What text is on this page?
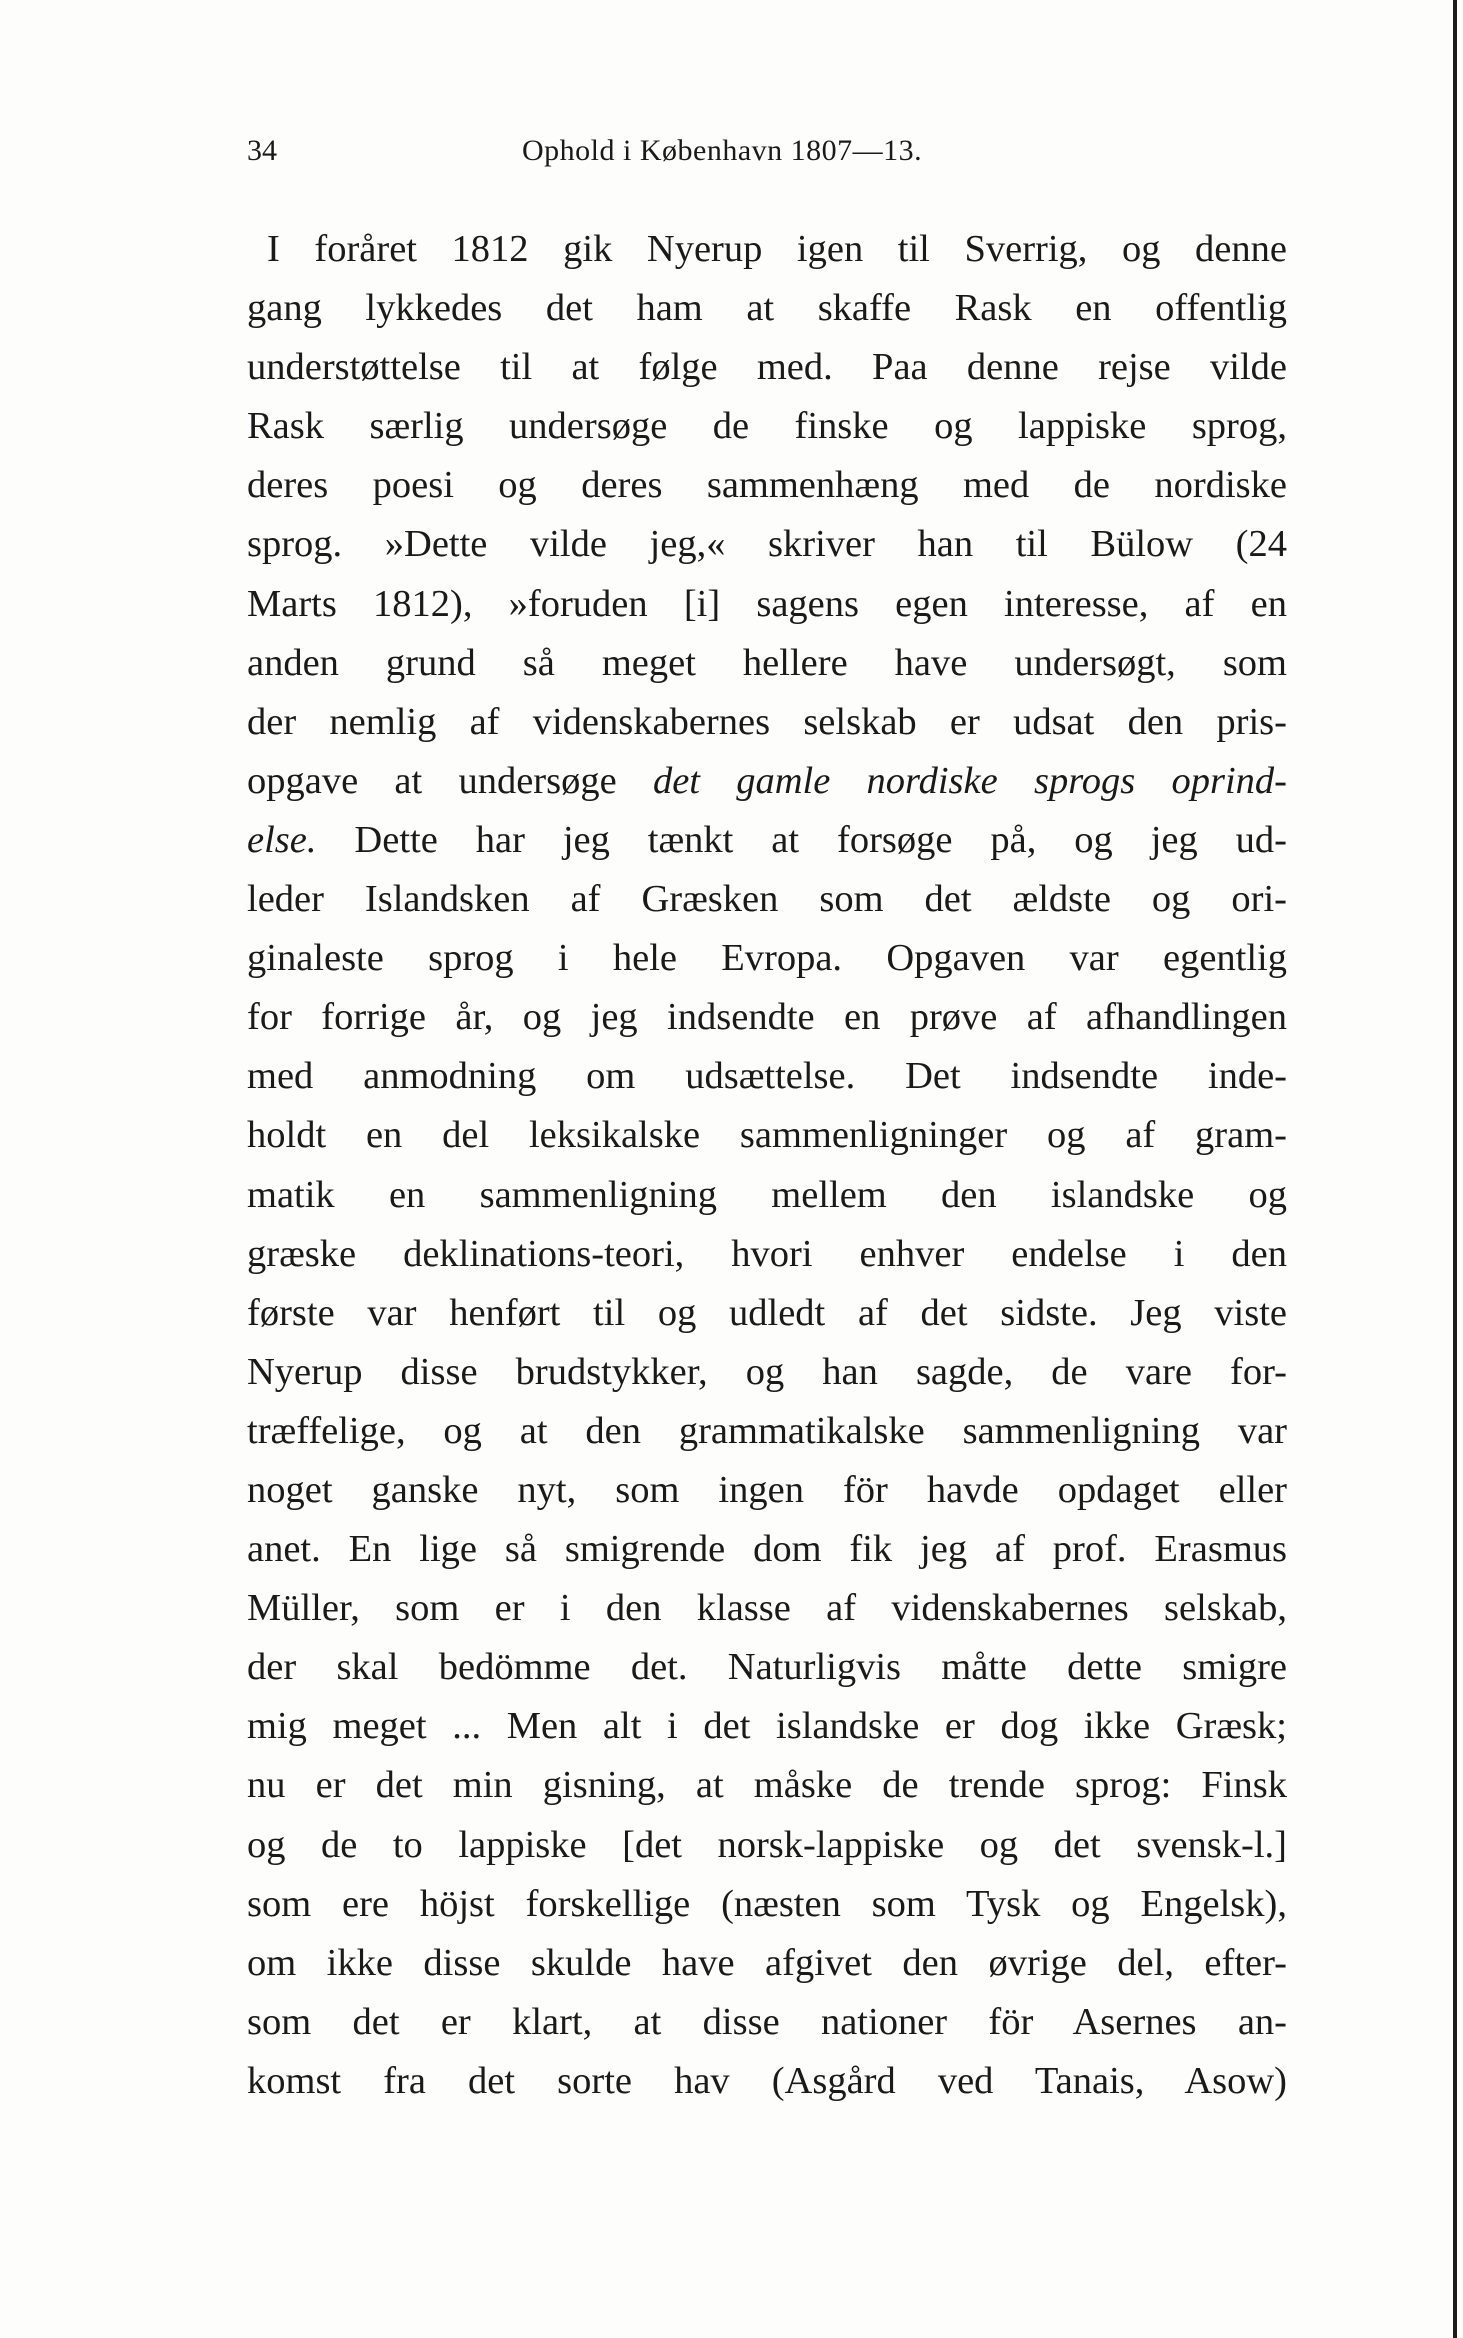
34	Ophold i København 1807—13.
I foråret 1812 gik Nyerup igen til Sverrig, og denne
gang lykkedes det ham at skaffe Rask en offentlig
understøttelse til at følge med. Paa denne rejse vilde
Rask særlig undersøge de finske og lappiske sprog,
deres poesi og deres sammenhæng med de nordiske
sprog. »Dette vilde jeg,« skriver han til Bülow (24
Marts 1812), »foruden [i] sagens egen interesse, af en
anden grund så meget hellere have undersøgt, som
der nemlig af videnskabernes selskab er udsat den pris-
opgave at undersøge det gamle nordiske sprogs oprind-
else. Dette har jeg tænkt at forsøge på, og jeg ud-
leder Islandsken af Græsken som det ældste og ori-
ginaleste sprog i hele Evropa. Opgaven var egentlig
for forrige år, og jeg indsendte en prøve af afhandlingen
med anmodning om udsættelse. Det indsendte inde-
holdt en del leksikalske sammenligninger og af gram-
matik en sammenligning mellem den islandske og
græske deklinations-teori, hvori enhver endelse i den
første var henført til og udledt af det sidste. Jeg viste
Nyerup disse brudstykker, og han sagde, de vare for-
træffelige, og at den grammatikalske sammenligning var
noget ganske nyt, som ingen för havde opdaget eller
anet. En lige så smigrende dom fik jeg af prof. Erasmus
Müller, som er i den klasse af videnskabernes selskab,
der skal bedömme det. Naturligvis måtte dette smigre
mig meget ... Men alt i det islandske er dog ikke Græsk;
nu er det min gisning, at måske de trende sprog: Finsk
og de to lappiske [det norsk-lappiske og det svensk-l.]
som ere höjst forskellige (næsten som Tysk og Engelsk),
om ikke disse skulde have afgivet den øvrige del, efter-
som det er klart, at disse nationer för Asernes an-
komst fra det sorte hav (Asgård ved Tanais, Asow)
